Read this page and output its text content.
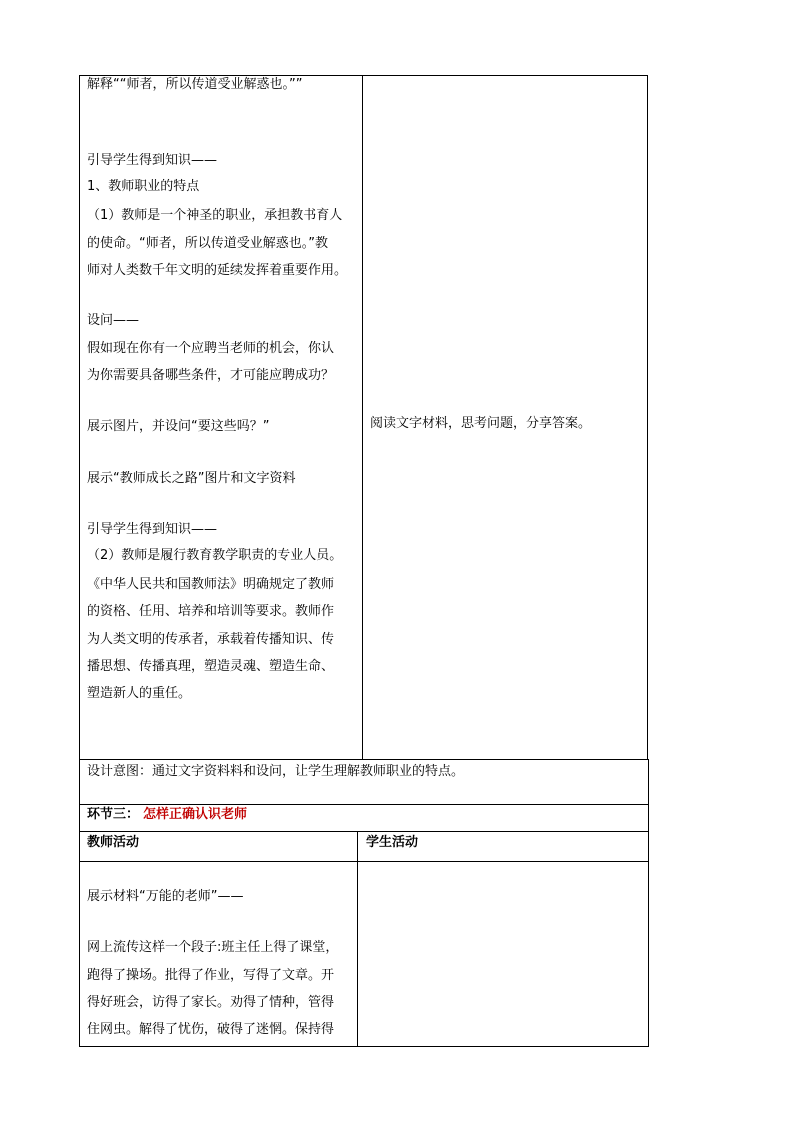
解释““师者，所以传道受业解惑也。””
引导学生得到知识——
1、教师职业的特点
（1）教师是一个神圣的职业，承担教书育人
的使命。“师者，所以传道受业解惑也。”教
师对人类数千年文明的延续发挥着重要作用。
设问——
假如现在你有一个应聘当老师的机会，你认
为你需要具备哪些条件，才可能应聘成功？
展示图片，并设问“要这些吗？”
展示“教师成长之路”图片和文字资料
引导学生得到知识——
（2）教师是履行教育教学职责的专业人员。
《中华人民共和国教师法》明确规定了教师
的资格、任用、培养和培训等要求。教师作
为人类文明的传承者，承载着传播知识、传
播思想、传播真理，塑造灵魂、塑造生命、
塑造新人的重任。
阅读文字材料，思考问题，分享答案。
设计意图：通过文字资料料和设问，让学生理解教师职业的特点。
环节三： 怎样正确认识老师
教师活动	学生活动
展示材料“万能的老师”——
网上流传这样一个段子:班主任上得了课堂，
跑得了操场。批得了作业，写得了文章。开
得好班会，访得了家长。劝得了情种，管得
住网虫。解得了忧伤，破得了迷惘。保持得
